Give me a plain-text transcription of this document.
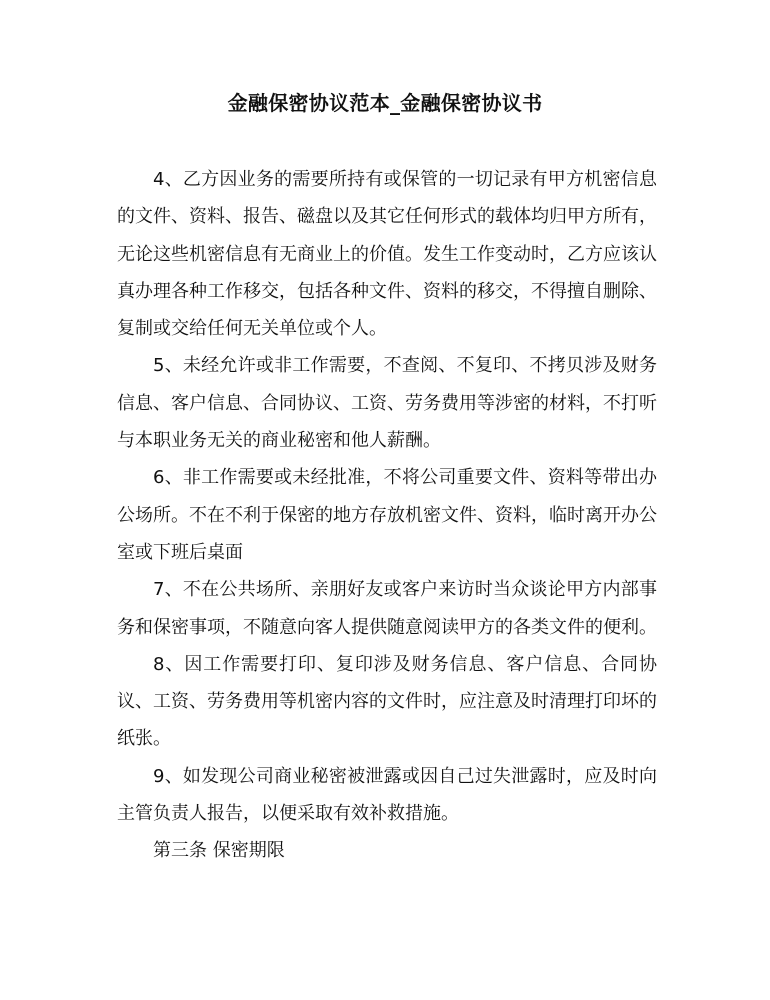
金融保密协议范本_金融保密协议书

4、乙方因业务的需要所持有或保管的一切记录有甲方机密信息的文件、资料、报告、磁盘以及其它任何形式的载体均归甲方所有，无论这些机密信息有无商业上的价值。发生工作变动时，乙方应该认真办理各种工作移交，包括各种文件、资料的移交，不得擅自删除、复制或交给任何无关单位或个人。

5、未经允许或非工作需要，不查阅、不复印、不拷贝涉及财务信息、客户信息、合同协议、工资、劳务费用等涉密的材料，不打听与本职业务无关的商业秘密和他人薪酬。

6、非工作需要或未经批准，不将公司重要文件、资料等带出办公场所。不在不利于保密的地方存放机密文件、资料，临时离开办公室或下班后桌面

7、不在公共场所、亲朋好友或客户来访时当众谈论甲方内部事务和保密事项，不随意向客人提供随意阅读甲方的各类文件的便利。

8、因工作需要打印、复印涉及财务信息、客户信息、合同协议、工资、劳务费用等机密内容的文件时，应注意及时清理打印坏的纸张。

9、如发现公司商业秘密被泄露或因自己过失泄露时，应及时向主管负责人报告，以便采取有效补救措施。

第三条 保密期限
